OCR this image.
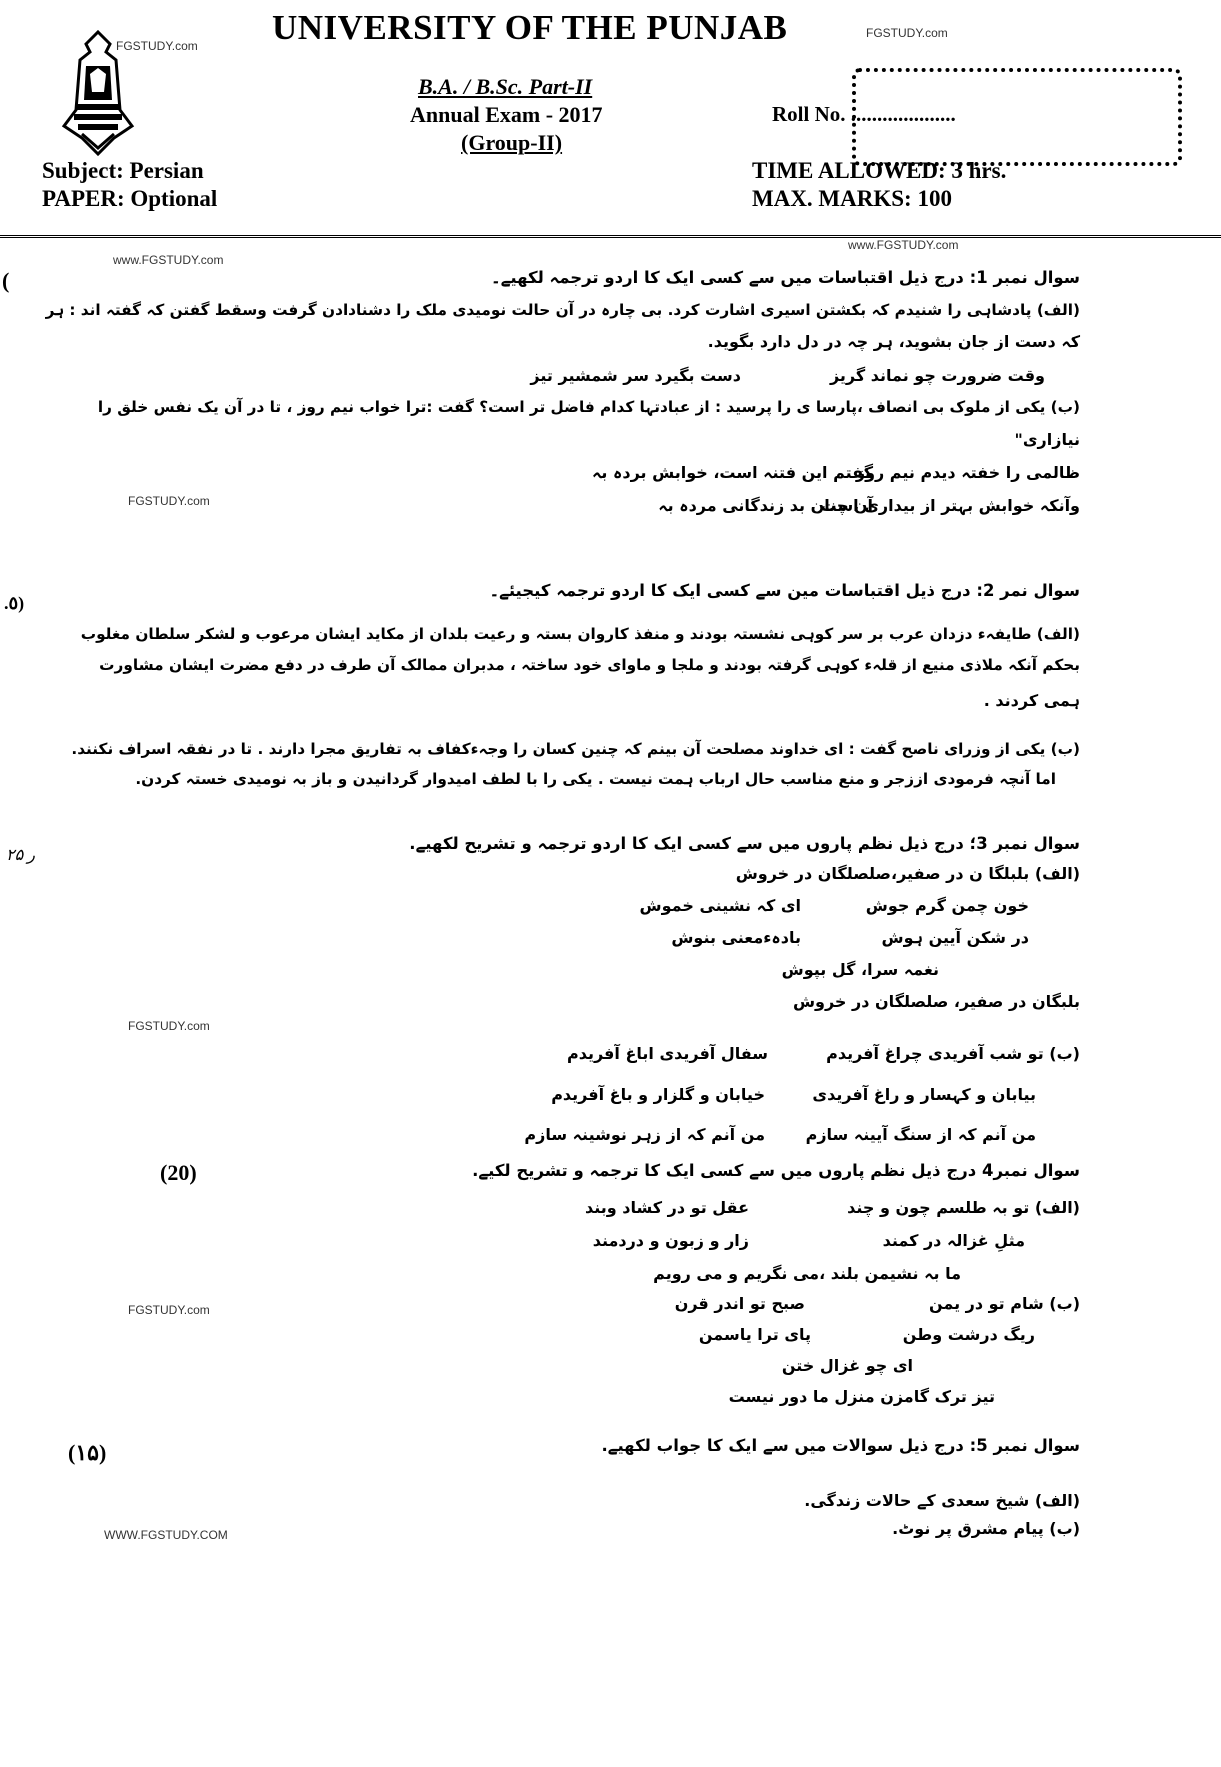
UNIVERSITY OF THE PUNJAB
FGSTUDY.com
FGSTUDY.com
B.A. / B.Sc. Part-II
Annual Exam - 2017
(Group-II)
Roll No. ....................
Subject: Persian
PAPER: Optional
TIME ALLOWED: 3 hrs.
MAX. MARKS: 100
www.FGSTUDY.com
www.FGSTUDY.com
(
.٥)
۲۵ ر
(20)
(۱۵)
سوال نمبر 1: درج ذیل اقتباسات میں سے کسی ایک کا اردو ترجمہ لکھیے۔
(الف) پادشاہی را شنیدم کہ بکشتن اسیری اشارت کرد. بی چارہ در آن حالت نومیدی ملک را دشنادادن گرفت وسقط گفتن کہ گفتہ اند : ہر
کہ دست از جان بشوید، ہر چہ در دل دارد بگوید.
وقت ضرورت چو نماند گریز
دست بگیرد سر شمشیر تیز
(ب) یکی از ملوک بی انصاف ،پارسا ی را پرسید : از عبادتہا کدام فاضل تر است؟ گفت :ترا خواب نیم روز ، تا در آن یک نفس خلق را
نیازاری"
ظالمی را خفتہ دیدم نیم روز
گفتم این فتنہ است، خوابش بردہ بہ
وآنکہ خوابش بہتر از بیداری است
آن چنان بد زندگانی مردہ بہ
FGSTUDY.com
سوال نمر 2: درج ذیل اقتباسات مین سے کسی ایک کا اردو ترجمہ کیجیئے۔
(الف) طایفہء دزدان عرب بر سر کوہی نشستہ بودند و منفذ کاروان بستہ و رعیت بلدان از مکاید ایشان مرعوب و لشکر سلطان مغلوب
بحکم آنکہ ملاذی منیع از قلہء کوہی گرفتہ بودند و ملجا و ماوای خود ساختہ ، مدبران ممالک آن طرف در دفع مضرت ایشان مشاورت
ہمی کردند .
(ب) یکی از وزرای ناصح گفت : ای خداوند مصلحت آن بینم کہ چنین کسان را وجہءکفاف بہ تفاریق مجرا دارند . تا در نفقہ اسراف نکنند.
اما آنچہ فرمودی اززجر و منع مناسب حال ارباب ہمت نیست . یکی را با لطف امیدوار گردانیدن و باز بہ نومیدی خستہ کردن.
سوال نمبر 3؛ درج ذیل نظم پاروں میں سے کسی ایک کا اردو ترجمہ و تشریح لکھیے.
(الف) بلبلگا ن در صفیر،صلصلگان در خروش
خون چمن گرم جوش
ای کہ نشینی خموش
در شکن آیین ہوش
بادہءمعنی بنوش
نغمہ سرا، گل بپوش
بلبگان در صفیر، صلصلگان در خروش
FGSTUDY.com
(ب) تو شب آفریدی چراغ آفریدم
سفال آفریدی اباغ آفریدم
بیابان و کہسار و راغ آفریدی
خیابان و گلزار و باغ آفریدم
من آنم کہ از سنگ آیینہ سازم
من آنم کہ از زہر نوشینہ سازم
سوال نمبر4 درج ذیل نظم پاروں میں سے کسی ایک کا ترجمہ و تشریح لکیے.
(الف) تو بہ طلسم چون و چند
عقل تو در کشاد وبند
مثلِ غزالہ در کمند
زار و زبون و دردمند
ما بہ نشیمن بلند ،می نگریم و می رویم
FGSTUDY.com	(ب) شام تو در یمن
صبح تو اندر قرن
ریگ درشت وطن
پای ترا یاسمن
ای چو غزال ختن
تیز ترک گامزن منزل ما دور نیست
سوال نمبر 5: درج ذیل سوالات میں سے ایک کا جواب لکھیے.
(الف) شیخ سعدی کے حالات زندگی.
(ب) پیام مشرق پر نوٹ.
WWW.FGSTUDY.COM
